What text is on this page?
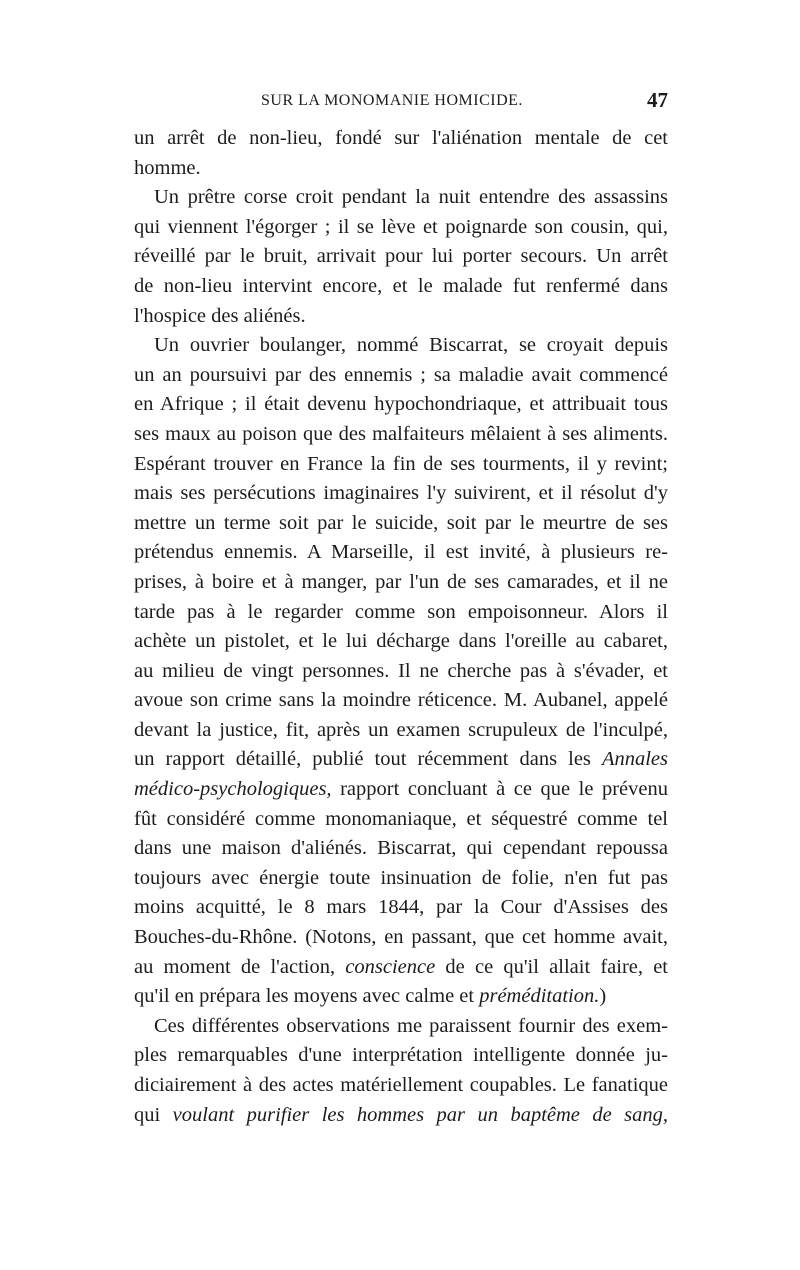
SUR LA MONOMANIE HOMICIDE.	47
un arrêt de non-lieu, fondé sur l'aliénation mentale de cet
homme.
Un prêtre corse croit pendant la nuit entendre des assassins
qui viennent l'égorger ; il se lève et poignarde son cousin, qui,
réveillé par le bruit, arrivait pour lui porter secours. Un arrêt
de non-lieu intervint encore, et le malade fut renfermé dans
l'hospice des aliénés.
Un ouvrier boulanger, nommé Biscarrat, se croyait depuis
un an poursuivi par des ennemis ; sa maladie avait commencé
en Afrique ; il était devenu hypochondriaque, et attribuait tous
ses maux au poison que des malfaiteurs mêlaient à ses aliments.
Espérant trouver en France la fin de ses tourments, il y revint;
mais ses persécutions imaginaires l'y suivirent, et il résolut d'y
mettre un terme soit par le suicide, soit par le meurtre de ses
prétendus ennemis. A Marseille, il est invité, à plusieurs re-
prises, à boire et à manger, par l'un de ses camarades, et il ne
tarde pas à le regarder comme son empoisonneur. Alors il
achète un pistolet, et le lui décharge dans l'oreille au cabaret,
au milieu de vingt personnes. Il ne cherche pas à s'évader, et
avoue son crime sans la moindre réticence. M. Aubanel, appelé
devant la justice, fit, après un examen scrupuleux de l'inculpé,
un rapport détaillé, publié tout récemment dans les Annales
médico-psychologiques, rapport concluant à ce que le prévenu
fût considéré comme monomaniaque, et séquestré comme tel
dans une maison d'aliénés. Biscarrat, qui cependant repoussa
toujours avec énergie toute insinuation de folie, n'en fut pas
moins acquitté, le 8 mars 1844, par la Cour d'Assises des
Bouches-du-Rhône. (Notons, en passant, que cet homme avait,
au moment de l'action, conscience de ce qu'il allait faire, et
qu'il en prépara les moyens avec calme et préméditation.)
Ces différentes observations me paraissent fournir des exem-
ples remarquables d'une interprétation intelligente donnée ju-
diciairement à des actes matériellement coupables. Le fanatique
qui voulant purifier les hommes par un baptême de sang,
